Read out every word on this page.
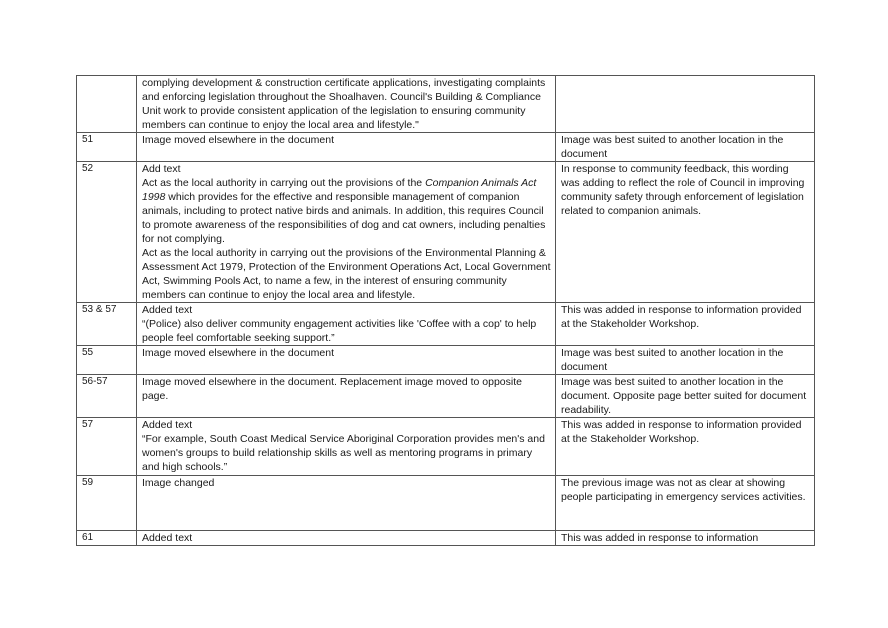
	complying development & construction certificate applications, investigating complaints and enforcing legislation throughout the Shoalhaven. Council's Building & Compliance Unit work to provide consistent application of the legislation to ensuring community members can continue to enjoy the local area and lifestyle."	

51	Image moved elsewhere in the document	Image was best suited to another location in the document
52	Add text
Act as the local authority in carrying out the provisions of the Companion Animals Act 1998 which provides for the effective and responsible management of companion animals, including to protect native birds and animals. In addition, this requires Council to promote awareness of the responsibilities of dog and cat owners, including penalties for not complying.
Act as the local authority in carrying out the provisions of the Environmental Planning & Assessment Act 1979, Protection of the Environment Operations Act, Local Government Act, Swimming Pools Act, to name a few, in the interest of ensuring community members can continue to enjoy the local area and lifestyle.	In response to community feedback, this wording was adding to reflect the role of Council in improving community safety through enforcement of legislation related to companion animals.
53 & 57	Added text
“(Police) also deliver community engagement activities like 'Coffee with a cop' to help people feel comfortable seeking support.”	This was added in response to information provided at the Stakeholder Workshop.
55	Image moved elsewhere in the document	Image was best suited to another location in the document
56-57	Image moved elsewhere in the document. Replacement image moved to opposite page.	Image was best suited to another location in the document. Opposite page better suited for document readability.
57	Added text
“For example, South Coast Medical Service Aboriginal Corporation provides men's and women's groups to build relationship skills as well as mentoring programs in primary and high schools.”	This was added in response to information provided at the Stakeholder Workshop.
59	Image changed	The previous image was not as clear at showing people participating in emergency services activities.
61	Added text	This was added in response to information
